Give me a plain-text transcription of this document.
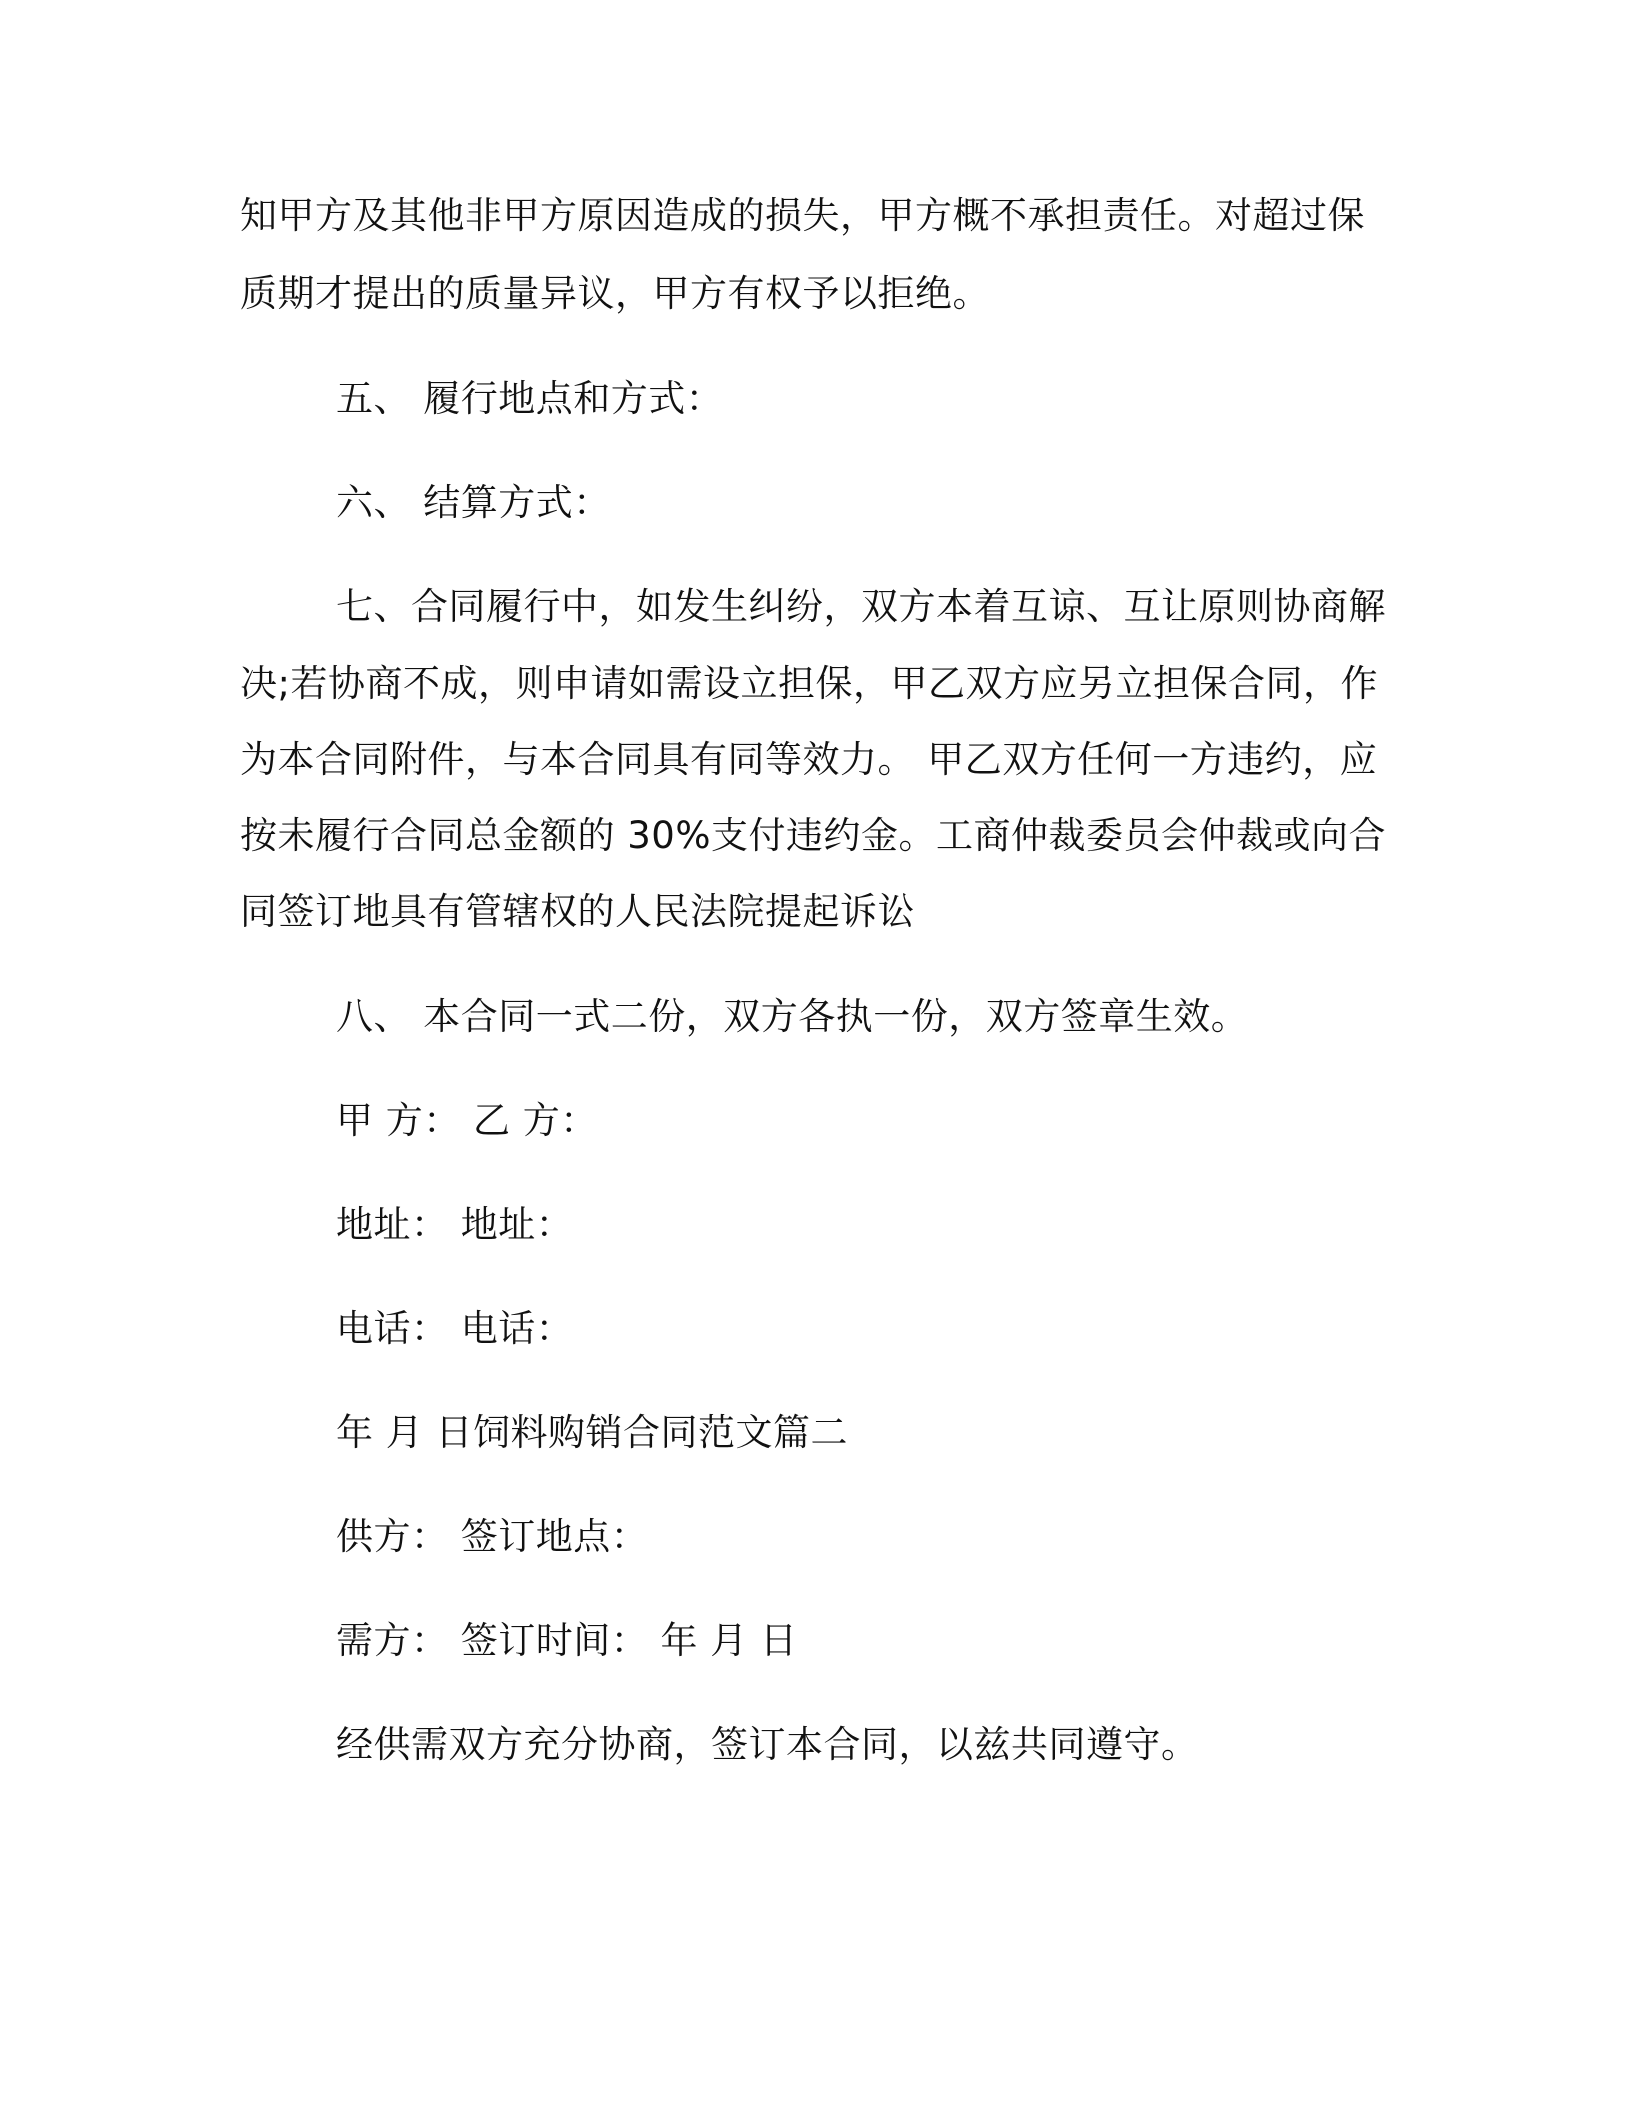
知甲方及其他非甲方原因造成的损失，甲方概不承担责任。对超过保
质期才提出的质量异议，甲方有权予以拒绝。
五、 履行地点和方式：
六、 结算方式：
七、合同履行中，如发生纠纷，双方本着互谅、互让原则协商解
决;若协商不成，则申请如需设立担保，甲乙双方应另立担保合同，作
为本合同附件，与本合同具有同等效力。 甲乙双方任何一方违约，应
按未履行合同总金额的 30%支付违约金。工商仲裁委员会仲裁或向合
同签订地具有管辖权的人民法院提起诉讼
八、 本合同一式二份，双方各执一份，双方签章生效。
甲 方： 乙 方：
地址： 地址：
电话： 电话：
年 月 日饲料购销合同范文篇二
供方： 签订地点：
需方： 签订时间： 年 月 日
经供需双方充分协商，签订本合同，以兹共同遵守。
